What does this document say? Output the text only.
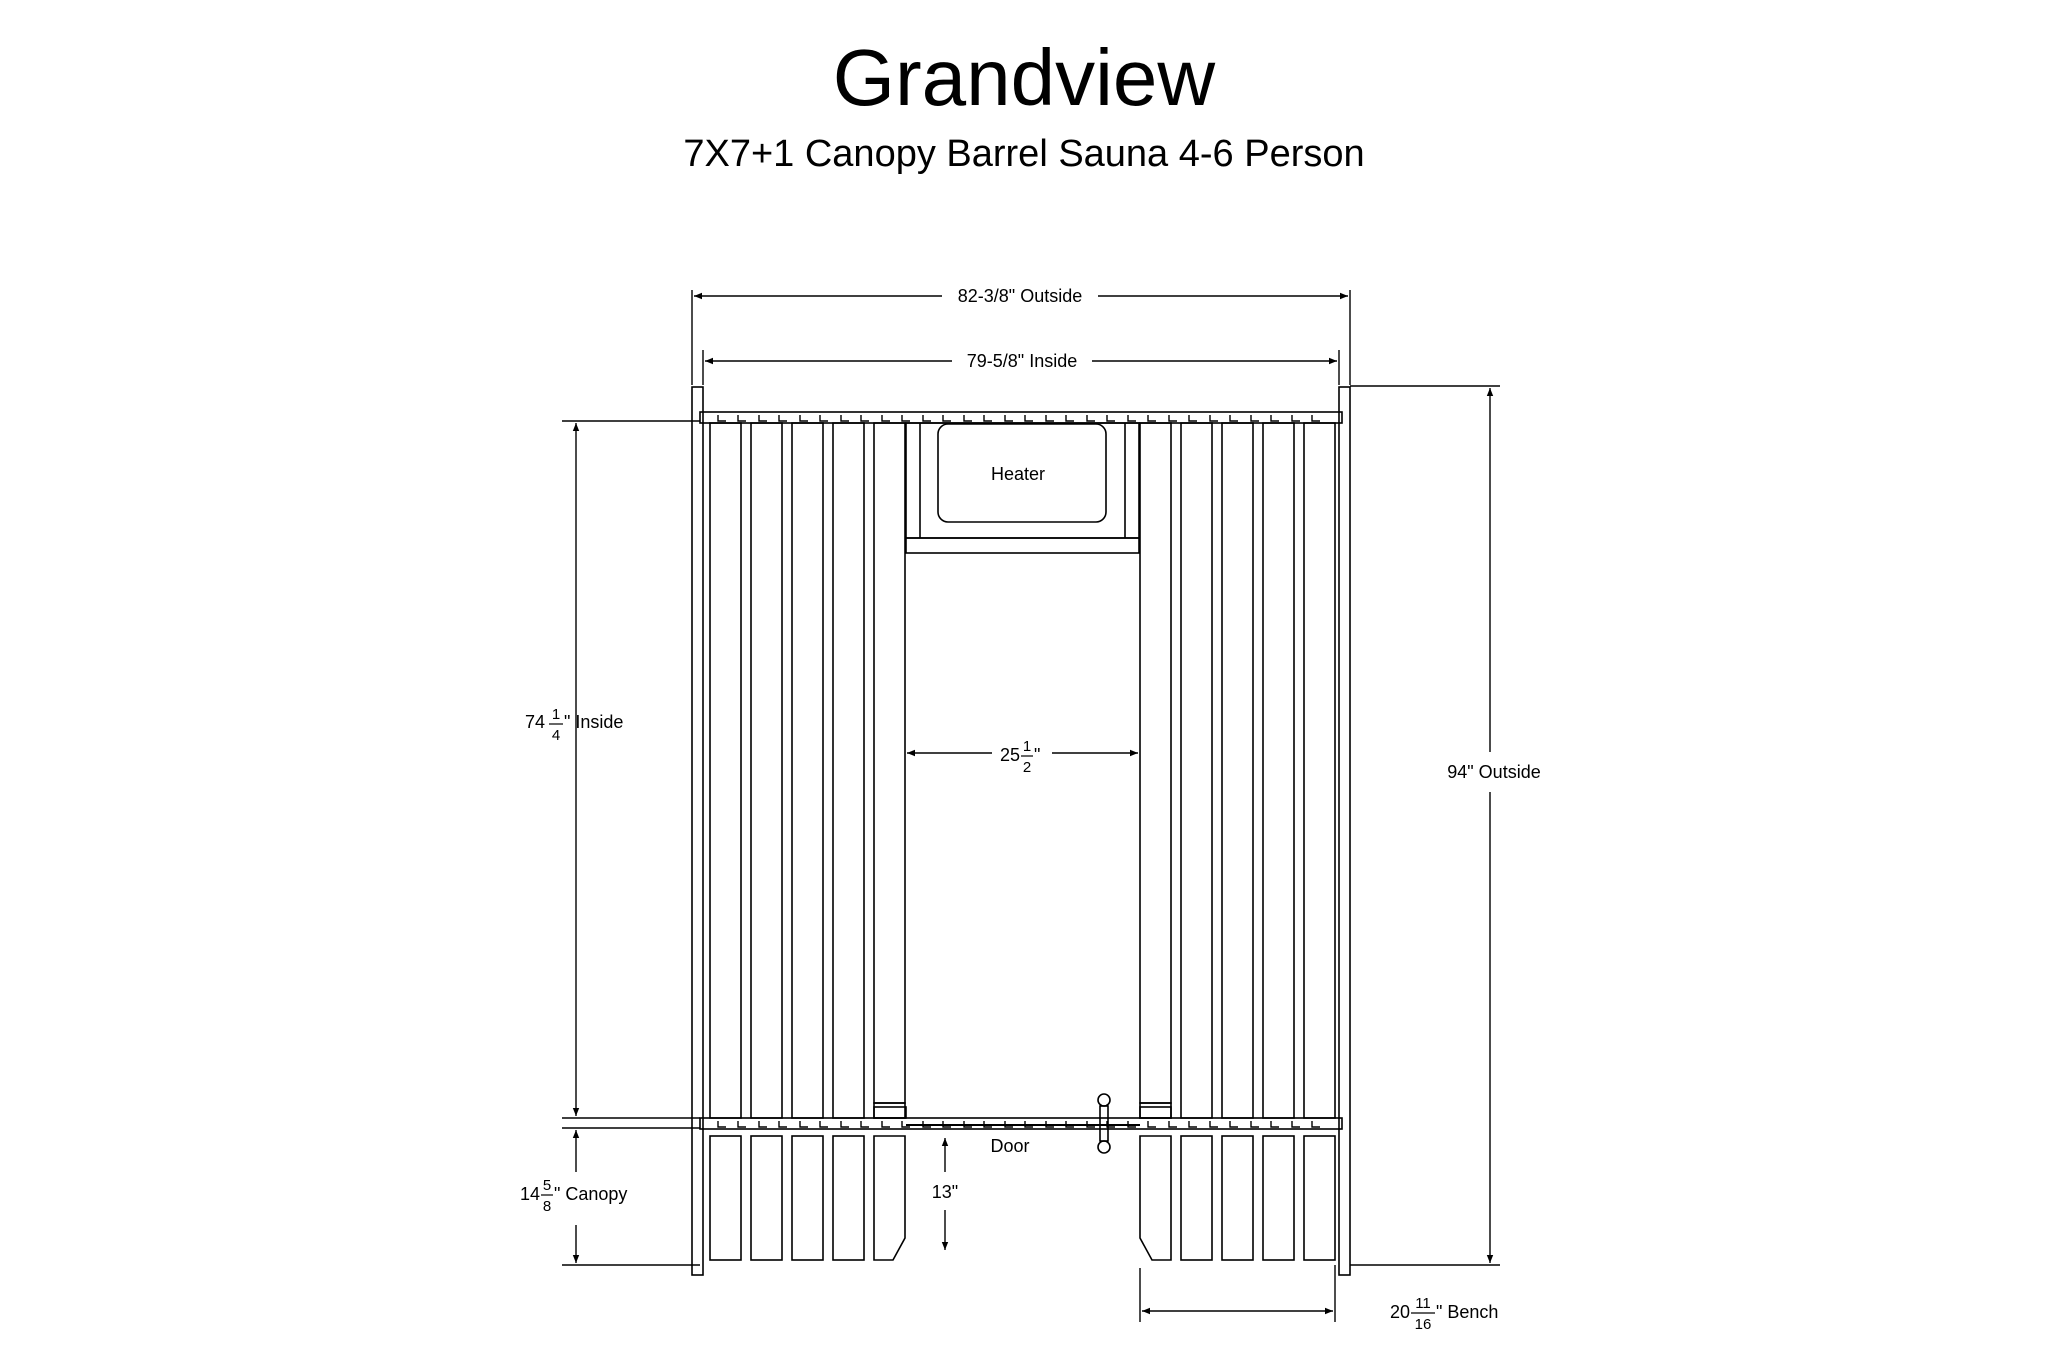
Grandview
7X7+1 Canopy Barrel Sauna 4-6 Person
Heater
Door
82-3/8" Outside
79-5/8" Inside
94" Outside
13"
74 1
4
" Inside
25 1
2
"
14 5
8
" Canopy
20 11
16
" Bench
